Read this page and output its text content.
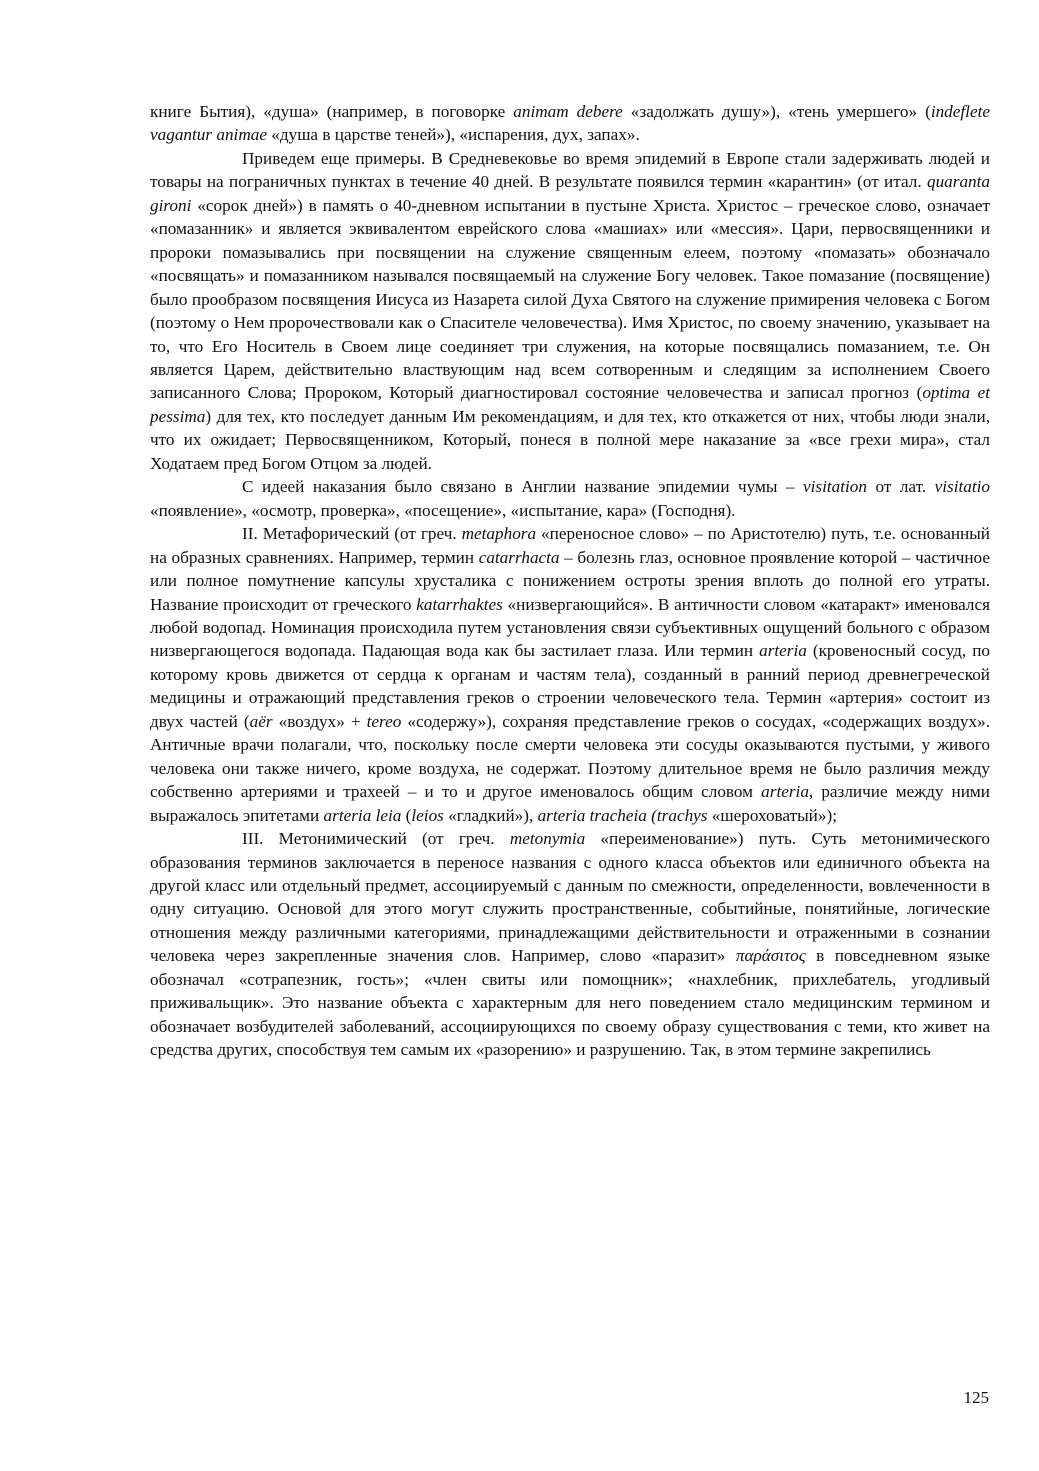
книге Бытия), «душа» (например, в поговорке animam debere «задолжать душу»), «тень умершего» (indeflete vagantur animae «душа в царстве теней»), «испарения, дух, запах».

Приведем еще примеры. В Средневековье во время эпидемий в Европе стали задерживать людей и товары на пограничных пунктах в течение 40 дней. В результате появился термин «карантин» (от итал. quaranta gironi «сорок дней») в память о 40-дневном испытании в пустыне Христа. Христос – греческое слово, означает «помазанник» и является эквивалентом еврейского слова «машиах» или «мессия». Цари, первосвященники и пророки помазывались при посвящении на служение священным елеем, поэтому «помазать» обозначало «посвящать» и помазанником назывался посвящаемый на служение Богу человек. Такое помазание (посвящение) было прообразом посвящения Иисуса из Назарета силой Духа Святого на служение примирения человека с Богом (поэтому о Нем пророчествовали как о Спасителе человечества). Имя Христос, по своему значению, указывает на то, что Его Носитель в Своем лице соединяет три служения, на которые посвящались помазанием, т.е. Он является Царем, действительно властвующим над всем сотворенным и следящим за исполнением Своего записанного Слова; Пророком, Который диагностировал состояние человечества и записал прогноз (optima et pessima) для тех, кто последует данным Им рекомендациям, и для тех, кто откажется от них, чтобы люди знали, что их ожидает; Первосвященником, Который, понеся в полной мере наказание за «все грехи мира», стал Ходатаем пред Богом Отцом за людей.

С идеей наказания было связано в Англии название эпидемии чумы – visitation от лат. visitatio «появление», «осмотр, проверка», «посещение», «испытание, кара» (Господня).

II. Метафорический (от греч. metaphora «переносное слово» – по Аристотелю) путь, т.е. основанный на образных сравнениях. Например, термин catarrhacta – болезнь глаз, основное проявление которой – частичное или полное помутнение капсулы хрусталика с понижением остроты зрения вплоть до полной его утраты. Название происходит от греческого katarrhaktes «низвергающийся». В античности словом «катаракт» именовался любой водопад. Номинация происходила путем установления связи субъективных ощущений больного с образом низвергающегося водопада. Падающая вода как бы застилает глаза. Или термин arteria (кровеносный сосуд, по которому кровь движется от сердца к органам и частям тела), созданный в ранний период древнегреческой медицины и отражающий представления греков о строении человеческого тела. Термин «артерия» состоит из двух частей (aёr «воздух» + tereo «содержу»), сохраняя представление греков о сосудах, «содержащих воздух». Античные врачи полагали, что, поскольку после смерти человека эти сосуды оказываются пустыми, у живого человека они также ничего, кроме воздуха, не содержат. Поэтому длительное время не было различия между собственно артериями и трахеей – и то и другое именовалось общим словом arteria, различие между ними выражалось эпитетами arteria leia (leios «гладкий»), arteria tracheia (trachys «шероховатый»);

III. Метонимический (от греч. metonymia «переименование») путь. Суть метонимического образования терминов заключается в переносе названия с одного класса объектов или единичного объекта на другой класс или отдельный предмет, ассоциируемый с данным по смежности, определенности, вовлеченности в одну ситуацию. Основой для этого могут служить пространственные, событийные, понятийные, логические отношения между различными категориями, принадлежащими действительности и отраженными в сознании человека через закрепленные значения слов. Например, слово «паразит» παράσιτος в повседневном языке обозначал «сотрапезник, гость»; «член свиты или помощник»; «нахлебник, прихлебатель, угодливый приживальщик». Это название объекта с характерным для него поведением стало медицинским термином и обозначает возбудителей заболеваний, ассоциирующихся по своему образу существования с теми, кто живет на средства других, способствуя тем самым их «разорению» и разрушению. Так, в этом термине закрепились

125
